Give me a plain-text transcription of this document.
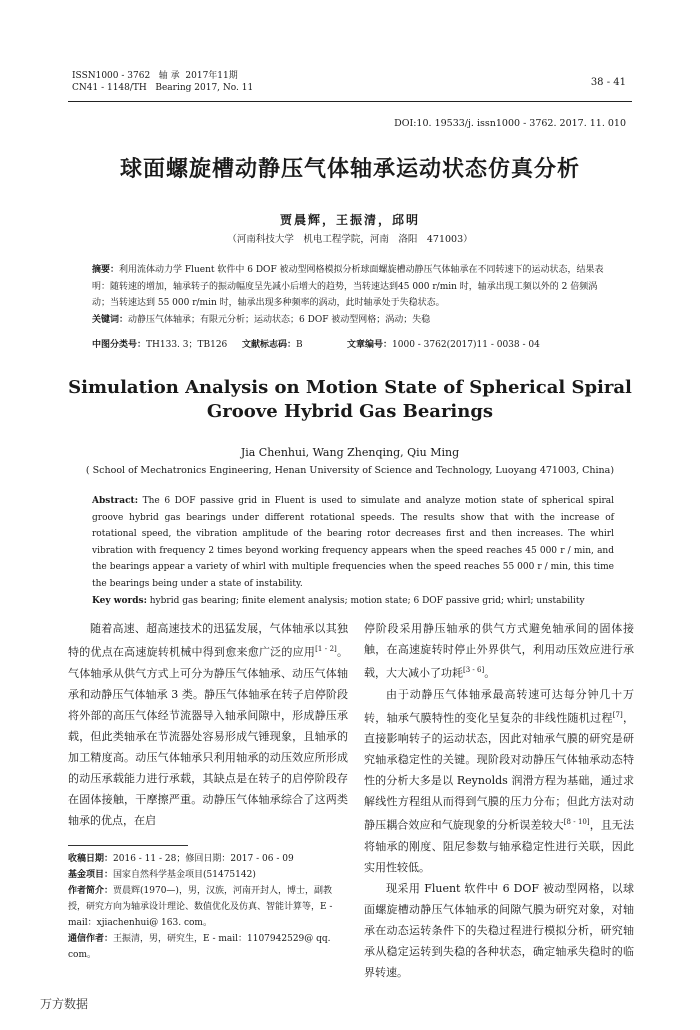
ISSN1000 - 3762 轴 承 2017年11期
CN41 - 1148/TH Bearing 2017, No. 11	38 - 41
DOI:10. 19533/j. issn1000 - 3762. 2017. 11. 010
球面螺旋槽动静压气体轴承运动状态仿真分析
贾晨辉，王振清，邱明
（河南科技大学　机电工程学院，河南　洛阳　471003）
摘要：利用流体动力学 Fluent 软件中 6 DOF 被动型网格模拟分析球面螺旋槽动静压气体轴承在不同转速下的运动状态，结果表明：随转速的增加，轴承转子的振动幅度呈先减小后增大的趋势，当转速达到45 000 r/min 时，轴承出现工频以外的 2 倍频涡动；当转速达到 55 000 r/min 时，轴承出现多种频率的涡动，此时轴承处于失稳状态。
关键词：动静压气体轴承；有限元分析；运动状态；6 DOF 被动型网格；涡动；失稳
中图分类号：TH133. 3；TB126 文献标志码：B	文章编号：1000 - 3762(2017)11 - 0038 - 04
Simulation Analysis on Motion State of Spherical Spiral Groove Hybrid Gas Bearings
Jia Chenhui, Wang Zhenqing, Qiu Ming
( School of Mechatronics Engineering, Henan University of Science and Technology, Luoyang 471003, China)
Abstract: The 6 DOF passive grid in Fluent is used to simulate and analyze motion state of spherical spiral groove hybrid gas bearings under different rotational speeds. The results show that with the increase of rotational speed, the vibration amplitude of the bearing rotor decreases first and then increases. The whirl vibration with frequency 2 times beyond working frequency appears when the speed reaches 45 000 r / min, and the bearings appear a variety of whirl with multiple frequencies when the speed reaches 55 000 r / min, this time the bearings being under a state of instability.
Key words: hybrid gas bearing; finite element analysis; motion state; 6 DOF passive grid; whirl; unstability

随着高速、超高速技术的迅猛发展，气体轴承以其独特的优点在高速旋转机械中得到愈来愈广泛的应用[1 - 2]。气体轴承从供气方式上可分为静压气体轴承、动压气体轴承和动静压气体轴承 3 类。静压气体轴承在转子启停阶段将外部的高压气体经节流器导入轴承间隙中，形成静压承载，但此类轴承在节流器处容易形成气锤现象，且轴承的加工精度高。动压气体轴承只利用轴承的动压效应所形成的动压承载能力进行承载，其缺点是在转子的启停阶段存在固体接触，干摩擦严重。动静压气体轴承综合了这两类轴承的优点，在启

停阶段采用静压轴承的供气方式避免轴承间的固体接触，在高速旋转时停止外界供气，利用动压效应进行承载，大大减小了功耗[3 - 6]。

由于动静压气体轴承最高转速可达每分钟几十万转，轴承气膜特性的变化呈复杂的非线性随机过程[7]，直接影响转子的运动状态，因此对轴承气膜的研究是研究轴承稳定性的关键。现阶段对动静压气体轴承动态特性的分析大多是以 Reynolds 润滑方程为基础，通过求解线性方程组从而得到气膜的压力分布；但此方法对动静压耦合效应和气旋现象的分析误差较大[8 - 10]，且无法将轴承的刚度、阻尼参数与轴承稳定性进行关联，因此实用性较低。

现采用 Fluent 软件中 6 DOF 被动型网格，以球面螺旋槽动静压气体轴承的间隙气膜为研究对象，对轴承在动态运转条件下的失稳过程进行模拟分析，研究轴承从稳定运转到失稳的各种状态，确定轴承失稳时的临界转速。

收稿日期：2016 - 11 - 28；修回日期：2017 - 06 - 09
基金项目：国家自然科学基金项目(51475142)
作者简介：贾晨辉(1970—)，男，汉族，河南开封人，博士，副教授，研究方向为轴承设计理论、数值优化及仿真、智能计算等，E - mail：xjiachenhui@ 163. com。
通信作者：王振清，男，研究生，E - mail：1107942529@ qq. com。
万方数据
